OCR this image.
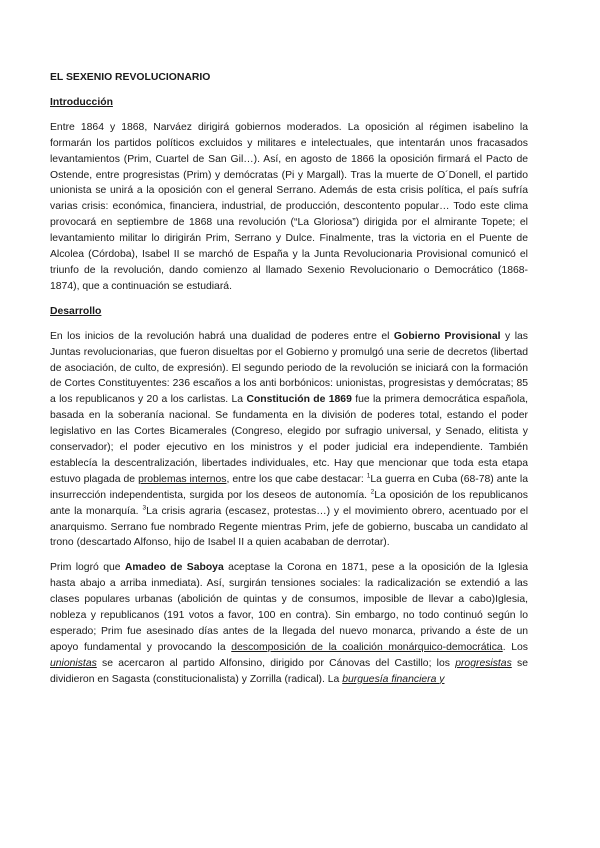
EL SEXENIO REVOLUCIONARIO
Introducción

Entre 1864 y 1868, Narváez dirigirá gobiernos moderados. La oposición al régimen isabelino la formarán los partidos políticos excluidos y militares e intelectuales, que intentarán unos fracasados levantamientos (Prim, Cuartel de San Gil…). Así, en agosto de 1866 la oposición firmará el Pacto de Ostende, entre progresistas (Prim) y demócratas (Pi y Margall). Tras la muerte de O´Donell, el partido unionista se unirá a la oposición con el general Serrano. Además de esta crisis política, el país sufría varias crisis: económica, financiera, industrial, de producción, descontento popular… Todo este clima provocará en septiembre de 1868 una revolución (“La Gloriosa”) dirigida por el almirante Topete; el levantamiento militar lo dirigirán Prim, Serrano y Dulce. Finalmente, tras la victoria en el Puente de Alcolea (Córdoba), Isabel II se marchó de España y la Junta Revolucionaria Provisional comunicó el triunfo de la revolución, dando comienzo al llamado Sexenio Revolucionario o Democrático (1868-1874), que a continuación se estudiará.

Desarrollo

En los inicios de la revolución habrá una dualidad de poderes entre el Gobierno Provisional y las Juntas revolucionarias, que fueron disueltas por el Gobierno y promulgó una serie de decretos (libertad de asociación, de culto, de expresión). El segundo periodo de la revolución se iniciará con la formación de Cortes Constituyentes: 236 escaños a los anti borbónicos: unionistas, progresistas y demócratas; 85 a los republicanos y 20 a los carlistas. La Constitución de 1869 fue la primera democrática española, basada en la soberanía nacional. Se fundamenta en la división de poderes total, estando el poder legislativo en las Cortes Bicamerales (Congreso, elegido por sufragio universal, y Senado, elitista y conservador); el poder ejecutivo en los ministros y el poder judicial era independiente. También establecía la descentralización, libertades individuales, etc. Hay que mencionar que toda esta etapa estuvo plagada de problemas internos, entre los que cabe destacar: $^1$La guerra en Cuba (68-78) ante la insurrección independentista, surgida por los deseos de autonomía. $^2$La oposición de los republicanos ante la monarquía. $^3$La crisis agraria (escasez, protestas…) y el movimiento obrero, acentuado por el anarquismo. Serrano fue nombrado Regente mientras Prim, jefe de gobierno, buscaba un candidato al trono (descartado Alfonso, hijo de Isabel II a quien acababan de derrotar).

Prim logró que Amadeo de Saboya aceptase la Corona en 1871, pese a la oposición de la Iglesia hasta abajo a arriba inmediata). Así, surgirán tensiones sociales: la radicalización se extendió a las clases populares urbanas (abolición de quintas y de consumos, imposible de llevar a cabo)Iglesia, nobleza y republicanos (191 votos a favor, 100 en contra). Sin embargo, no todo continuó según lo esperado; Prim fue asesinado días antes de la llegada del nuevo monarca, privando a éste de un apoyo fundamental y provocando la descomposición de la coalición monárquico-democrática. Los unionistas se acercaron al partido Alfonsino, dirigido por Cánovas del Castillo; los progresistas se dividieron en Sagasta (constitucionalista) y Zorrilla (radical). La burguesía financiera y
